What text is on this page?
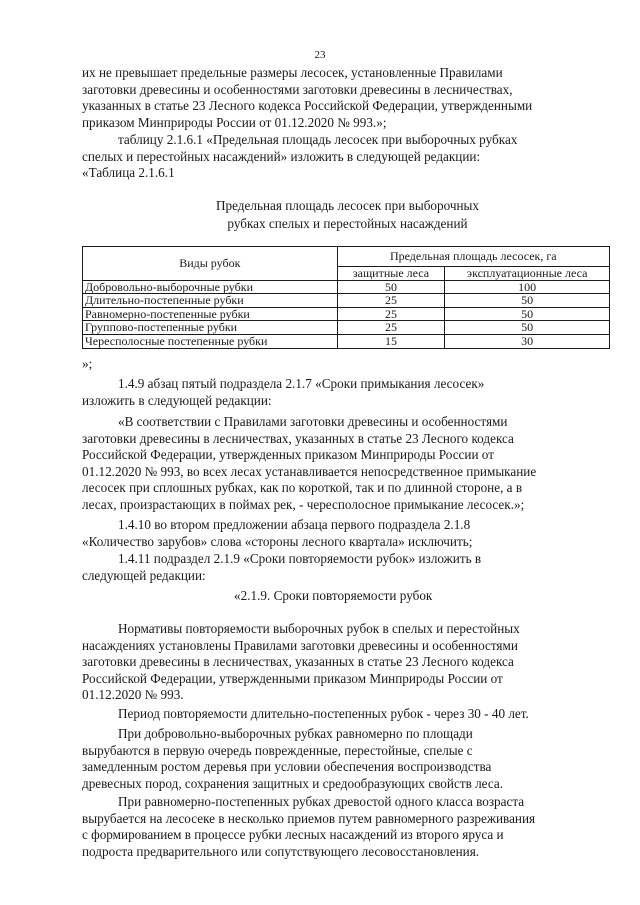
23

их не превышает предельные размеры лесосек, установленные Правилами

заготовки древесины и особенностями заготовки древесины в лесничествах,

указанных в статье 23 Лесного кодекса Российской Федерации, утвержденными

приказом Минприроды России от 01.12.2020 № 993.»;

таблицу 2.1.6.1 «Предельная площадь лесосек при выборочных рубках

спелых и перестойных насаждений» изложить в следующей редакции:

«Таблица 2.1.6.1

Предельная площадь лесосек при выборочных
рубках спелых и перестойных насаждений
Виды рубок	Предельная площадь лесосек, га	
	защитные леса	эксплуатационные леса
Добровольно-выборочные рубки	50	100
Длительно-постепенные рубки	25	50
Равномерно-постепенные рубки	25	50
Группово-постепенные рубки	25	50
Чересполосные постепенные рубки	15	30

»;

1.4.9 абзац пятый подраздела 2.1.7 «Сроки примыкания лесосек»

изложить в следующей редакции:

«В соответствии с Правилами заготовки древесины и особенностями

заготовки древесины в лесничествах, указанных в статье 23 Лесного кодекса

Российской Федерации, утвержденных приказом Минприроды России от

01.12.2020 № 993, во всех лесах устанавливается непосредственное примыкание

лесосек при сплошных рубках, как по короткой, так и по длинной стороне, а в

лесах, произрастающих в поймах рек, - чересполосное примыкание лесосек.»;

1.4.10 во втором предложении абзаца первого подраздела 2.1.8

«Количество зарубов» слова «стороны лесного квартала» исключить;

1.4.11 подраздел 2.1.9 «Сроки повторяемости рубок» изложить в

следующей редакции:

«2.1.9. Сроки повторяемости рубок

Нормативы повторяемости выборочных рубок в спелых и перестойных

насаждениях установлены Правилами заготовки древесины и особенностями

заготовки древесины в лесничествах, указанных в статье 23 Лесного кодекса

Российской Федерации, утвержденными приказом Минприроды России от

01.12.2020 № 993.

Период повторяемости длительно-постепенных рубок - через 30 - 40 лет.

При добровольно-выборочных рубках равномерно по площади

вырубаются в первую очередь поврежденные, перестойные, спелые с

замедленным ростом деревья при условии обеспечения воспроизводства

древесных пород, сохранения защитных и средообразующих свойств леса.

При равномерно-постепенных рубках древостой одного класса возраста

вырубается на лесосеке в несколько приемов путем равномерного разреживания

с формированием в процессе рубки лесных насаждений из второго яруса и

подроста предварительного или сопутствующего лесовосстановления.
